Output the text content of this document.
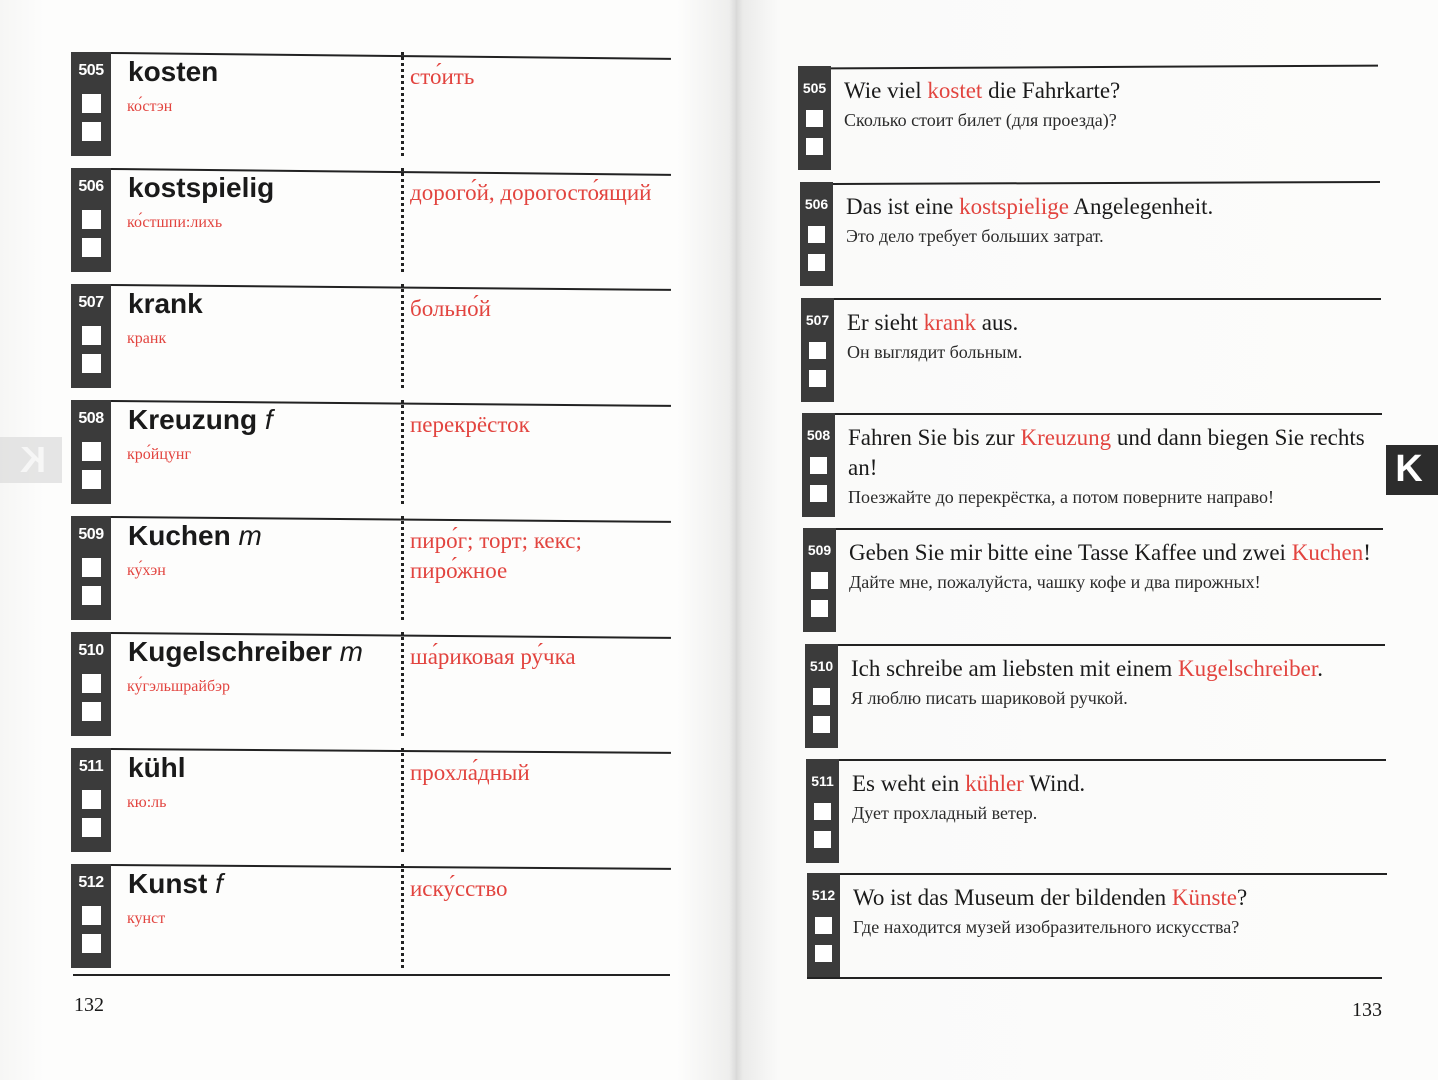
505 kosten
ко́стэн
сто́ить
506 kostspielig
ко́стшпи:лихь
дорого́й, дорогосто́ящий
507 krank
кранк
больно́й
508 Kreuzung f
кро́йцунг
перекрёсток
509 Kuchen m
ку́хэн
пиро́г; торт; кекс; пиро́жное
510 Kugelschreiber m
ку́гэльшрайбэр
ша́риковая ру́чка
511 kühl
кю:ль
прохла́дный
512 Kunst f
кунст
иску́сство
K
132
505 Wie viel kostet die Fahrkarte?
Сколько стоит билет (для проезда)?
506 Das ist eine kostspielige Angelegenheit.
Это дело требует больших затрат.
507 Er sieht krank aus.
Он выглядит больным.
508 Fahren Sie bis zur Kreuzung und dann biegen Sie rechts an!
Поезжайте до перекрёстка, а потом поверните направо!
509 Geben Sie mir bitte eine Tasse Kaffee und zwei Kuchen!
Дайте мне, пожалуйста, чашку кофе и два пирожных!
510 Ich schreibe am liebsten mit einem Kugelschreiber.
Я люблю писать шариковой ручкой.
511 Es weht ein kühler Wind.
Дует прохладный ветер.
512 Wo ist das Museum der bildenden Künste?
Где находится музей изобразительного искусства?
K
133
